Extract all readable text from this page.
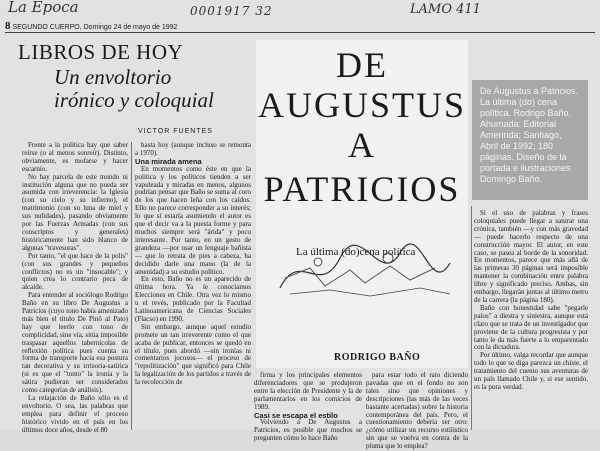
La Epoca	0001917 32	LAMO 411
8 SEGUNDO CUERPO, Domingo 24 de mayo de 1992
LIBROS DE HOY
Un envoltorio
irónico y coloquial
VICTOR FUENTES

Frente a la política hay que saber reírse (o al menos sonreír). Distinto, obviamente, es mofarse y hacer escarnio.

No hay parcela de este mundo ni institución alguna que no pueda ser asumida con irreverencia: la Iglesia (con su cielo y su infierno), el matrimonio (con su luna de miel y sus nulidades), pasando obviamente por las Fuerzas Armadas (con sus conscriptos y generales) históricamente han sido blanco de algunas "travesuras".

Por tanto, "el que hace de la polis" (con sus grandes y pequeños conflictos) no es un "insocable"; y quien crea lo contrario peca de alcaide.

Para entender al sociólogo Rodrigo Baño en su libro De Augustus a Patricios (cuyo tono había amenizado más bien el título De Pinô al Pato) hay que leerlo con tono de complicidad, sine vía, sitúa imposible traspasar aquellos tabernícolas de reflexión política pues cuenta su forma de transporte hacia esa postura tan decorativa y su irrisoria-satírica (si es que el "tonto" la ironía y la sátira pudieran ser considerados como categorías de análisis).

La relajación de Baño sólo es el envoltorio. O sea, las palabras que emplea para definir el proceso histórico vivido en el país en los últimos doce años, desde el 80

hasta hoy (aunque incluso se remonta a 1970).

Una mirada amena

En momentos como éste en que la política y los políticos tienden a ser vapuleada y miradas en menos, algunos podrían pensar que Baño se suma al coro de los que hacen leña con los caídos. Ello no parece corresponder a su interés; lo que sí estaría asumiendo el autor es que el decir va a la puesta forme y para muchos siempre será "árida" y poco interesante. Por tanto, en un gesto de grandeza —por usar un lenguaje bañista— que lo retrata de pies a cabeza, ha decidido darle una mano (la de la amenidad) a su estudio político.

En esto, Baño no es un aparecido de última hora. Ya le conocíamos Elecciones en Chile. Otra vez lo mismo u el revés, publicado por la Facultad Latinoamericana de Ciencias Sociales (Flacso) en 1990.

Sin embargo, aunque aquel estudio promete un tan irreverente como el que acaba de publicar, entonces se quedó en el título, pues abordó —sin ironías ni comentarios jocosos— el proceso de "repolitización" que significó para Chile la legalización de los partidos a través de la recolección de

DE
AUGUSTUS
A
PATRICIOS
La última (do)cena política
RODRIGO BAÑO

De Augustus a Patricios. La última (do) cena política. Rodrigo Baño. Ahumada: Editorial Amerinda; Santiago, Abril de 1992; 180 páginas. Diseño de la portada e ilustraciones Domingo Baño.

firma y los principales elementos diferenciadores que se produjeron entre la elección de Presidente y la de parlamentarios en los comicios de 1989.

Casi se escapa el estilo

Volviendo a De Augustus a Patricios, es posible que muchos se pregunten cómo lo hace Baño

para estar todo el rato diciendo pavadas que en el fondo no son tales sino que opiniones y descripciones (las más de las veces bastante acertadas) sobre la historia contemporánea del país. Pero, el cuestionamiento debería ser otro: ¿cómo utilizar un recurso estilístico sin que se vuelva en contra de la pluma que lo emplea?

Si el uso de palabras y frases coloquiales puede llegar a saturar una crónica, también —y con más gravedad— puede hacerlo respecto de una construcción mayor. El autor, en este caso, se pasea al borde de la sonoridad. En momentos, parece que más allá de las primeras 30 páginas será imposible mantener la combinación entre palabra libre y significado preciso. Ambas, sin embargo, llegarán juntas al último metro de la carrera (la página 180).

Baño con honestidad sabe "pegarle palos" a diestra y siniestra, aunque está claro que se trata de un investigador que proviene de la cultura progresista y por tanto le da más fuerte a lo emparentado con la dictadura.

Por último, valga recordar que aunque todo lo que se diga parezca un chiste, el tratamiento del cuento sus aventuras de un país llamado Chile y, si ese sentido, es la pura verdad.
